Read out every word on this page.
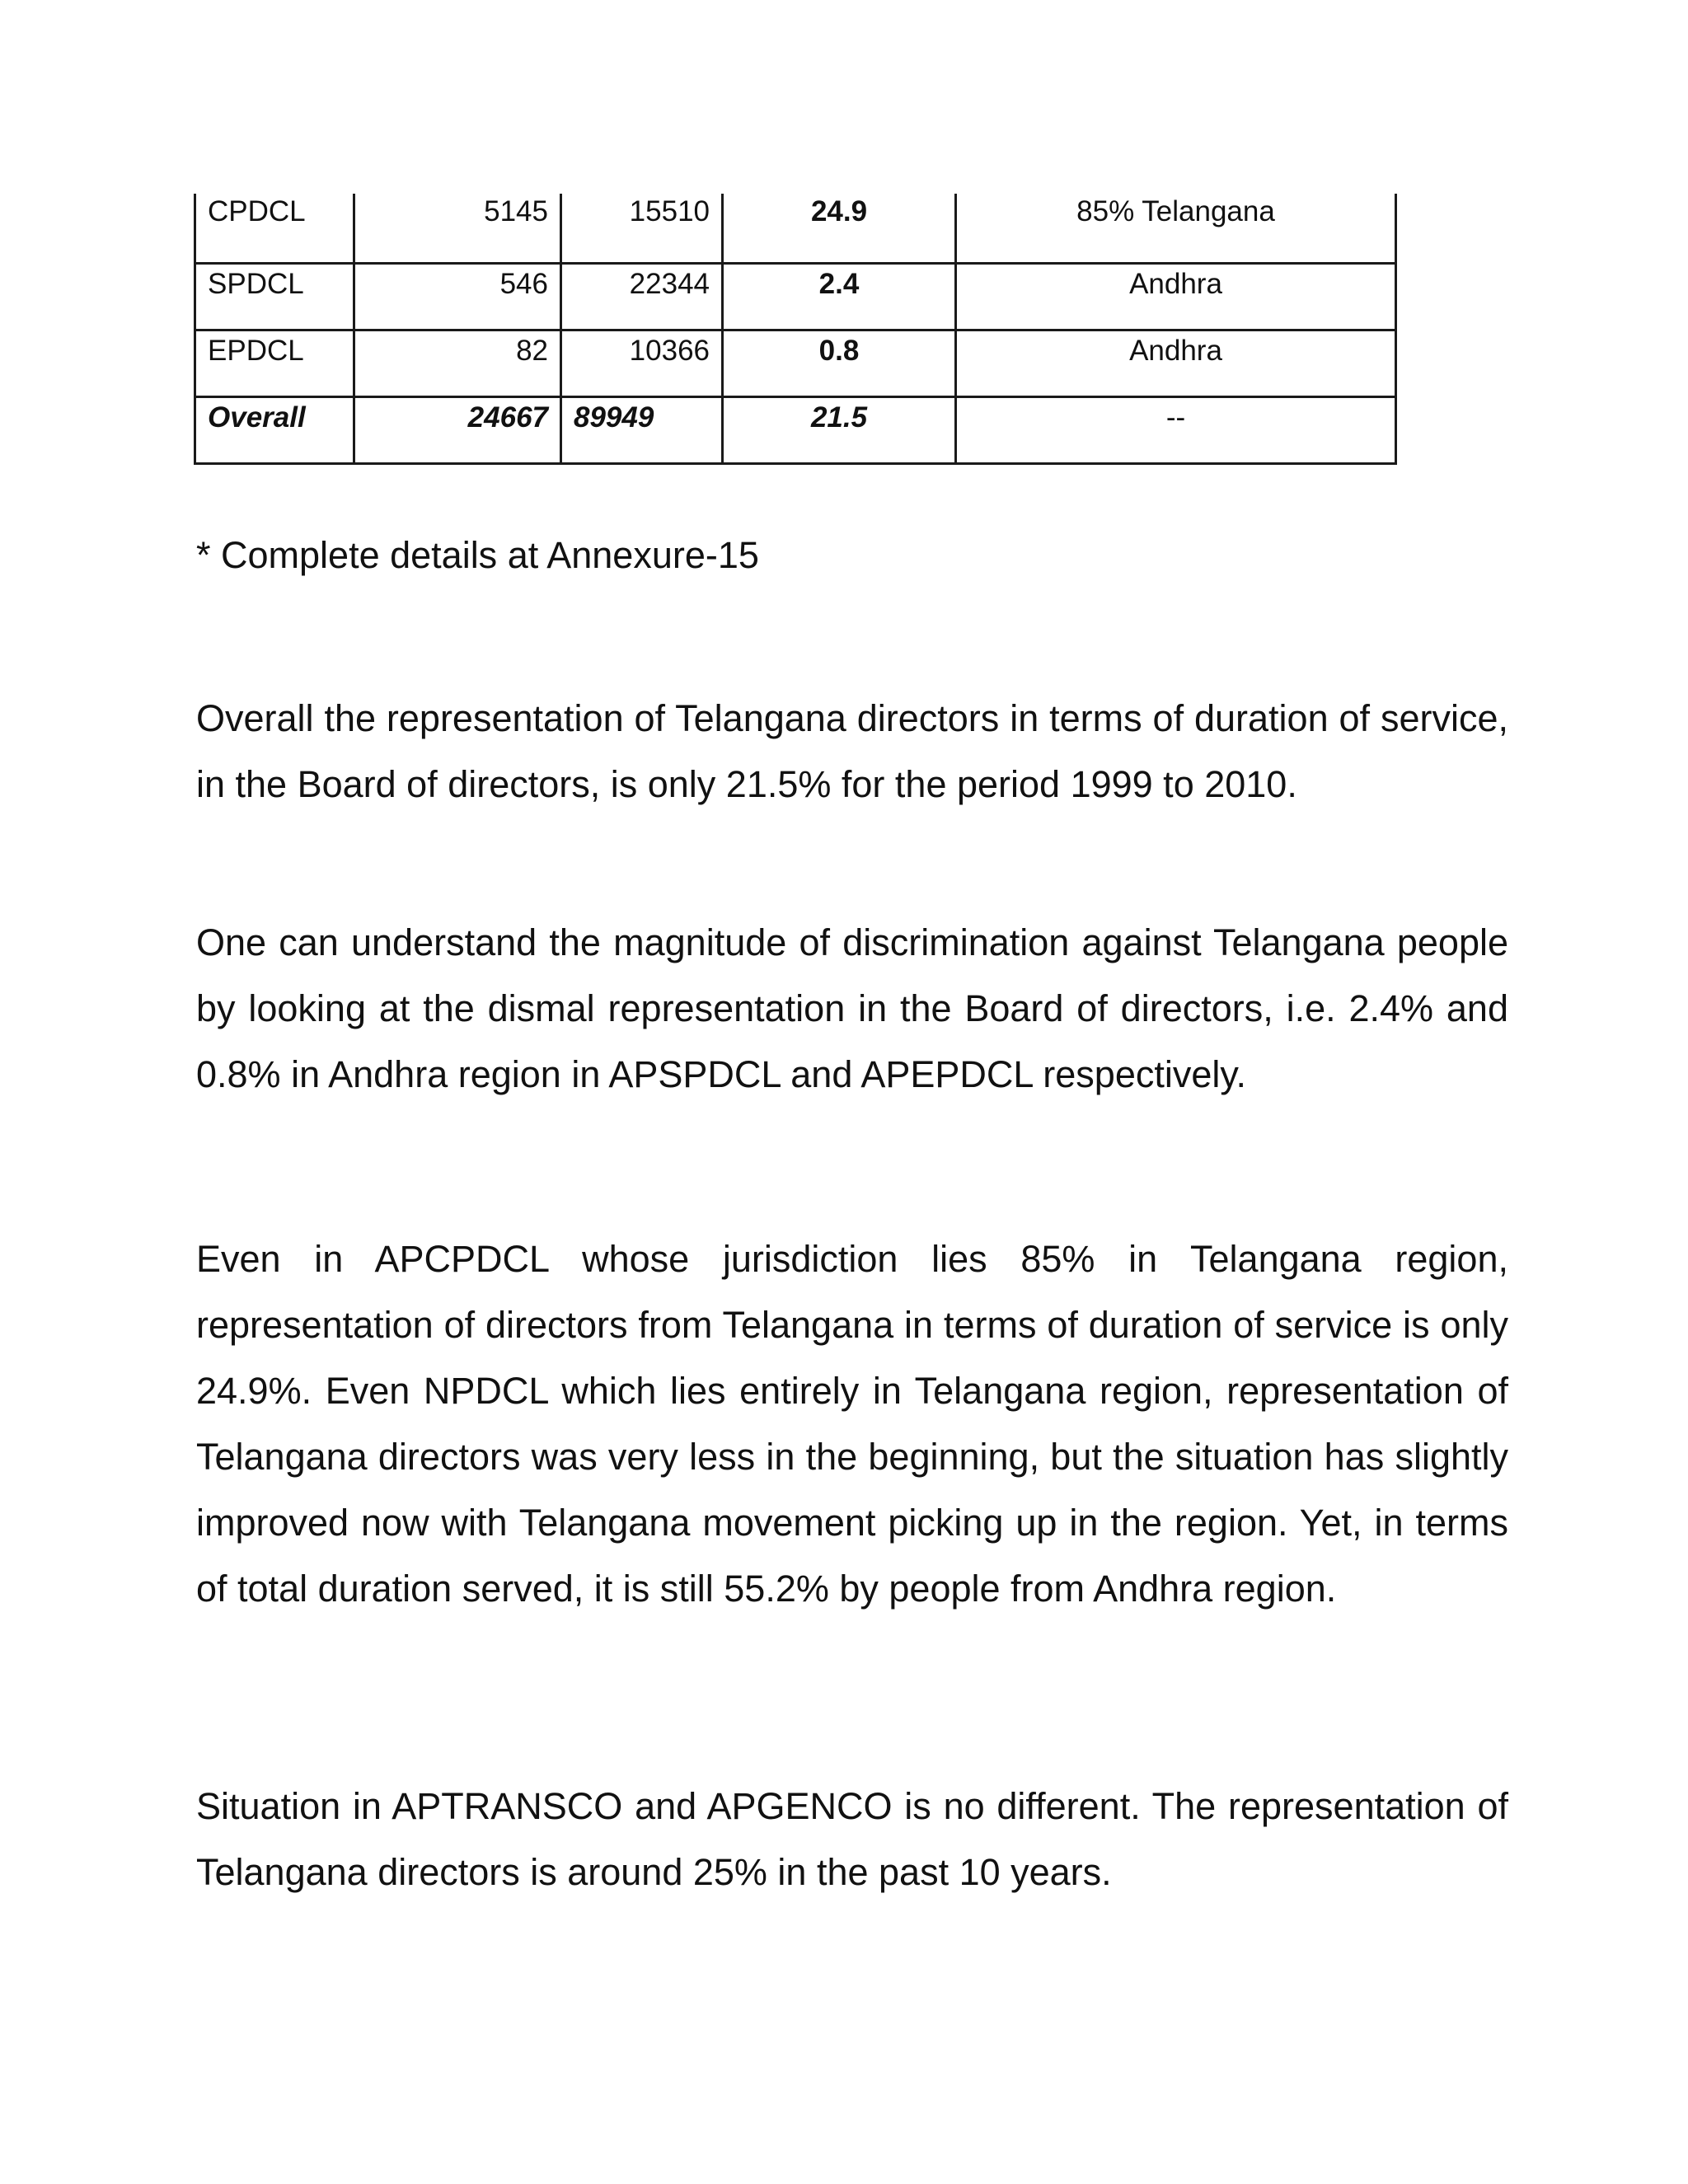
CPDCL	5145	15510	24.9	85% Telangana
SPDCL	546	22344	2.4	Andhra
EPDCL	82	10366	0.8	Andhra
Overall	24667	89949	21.5	--

* Complete details at Annexure-15

Overall the representation of Telangana directors in terms of duration of service, in the Board of directors, is only 21.5% for the period 1999 to 2010.

One can understand the magnitude of discrimination against Telangana people by looking at the dismal representation in the Board of directors, i.e. 2.4% and 0.8% in Andhra region in APSPDCL and APEPDCL respectively.

Even in APCPDCL whose jurisdiction lies 85% in Telangana region, representation of directors from Telangana in terms of duration of service is only 24.9%. Even NPDCL which lies entirely in Telangana region, representation of Telangana directors was very less in the beginning, but the situation has slightly improved now with Telangana movement picking up in the region. Yet, in terms of total duration served, it is still 55.2% by people from Andhra region.

Situation in APTRANSCO and APGENCO is no different. The representation of Telangana directors is around 25% in the past 10 years.
